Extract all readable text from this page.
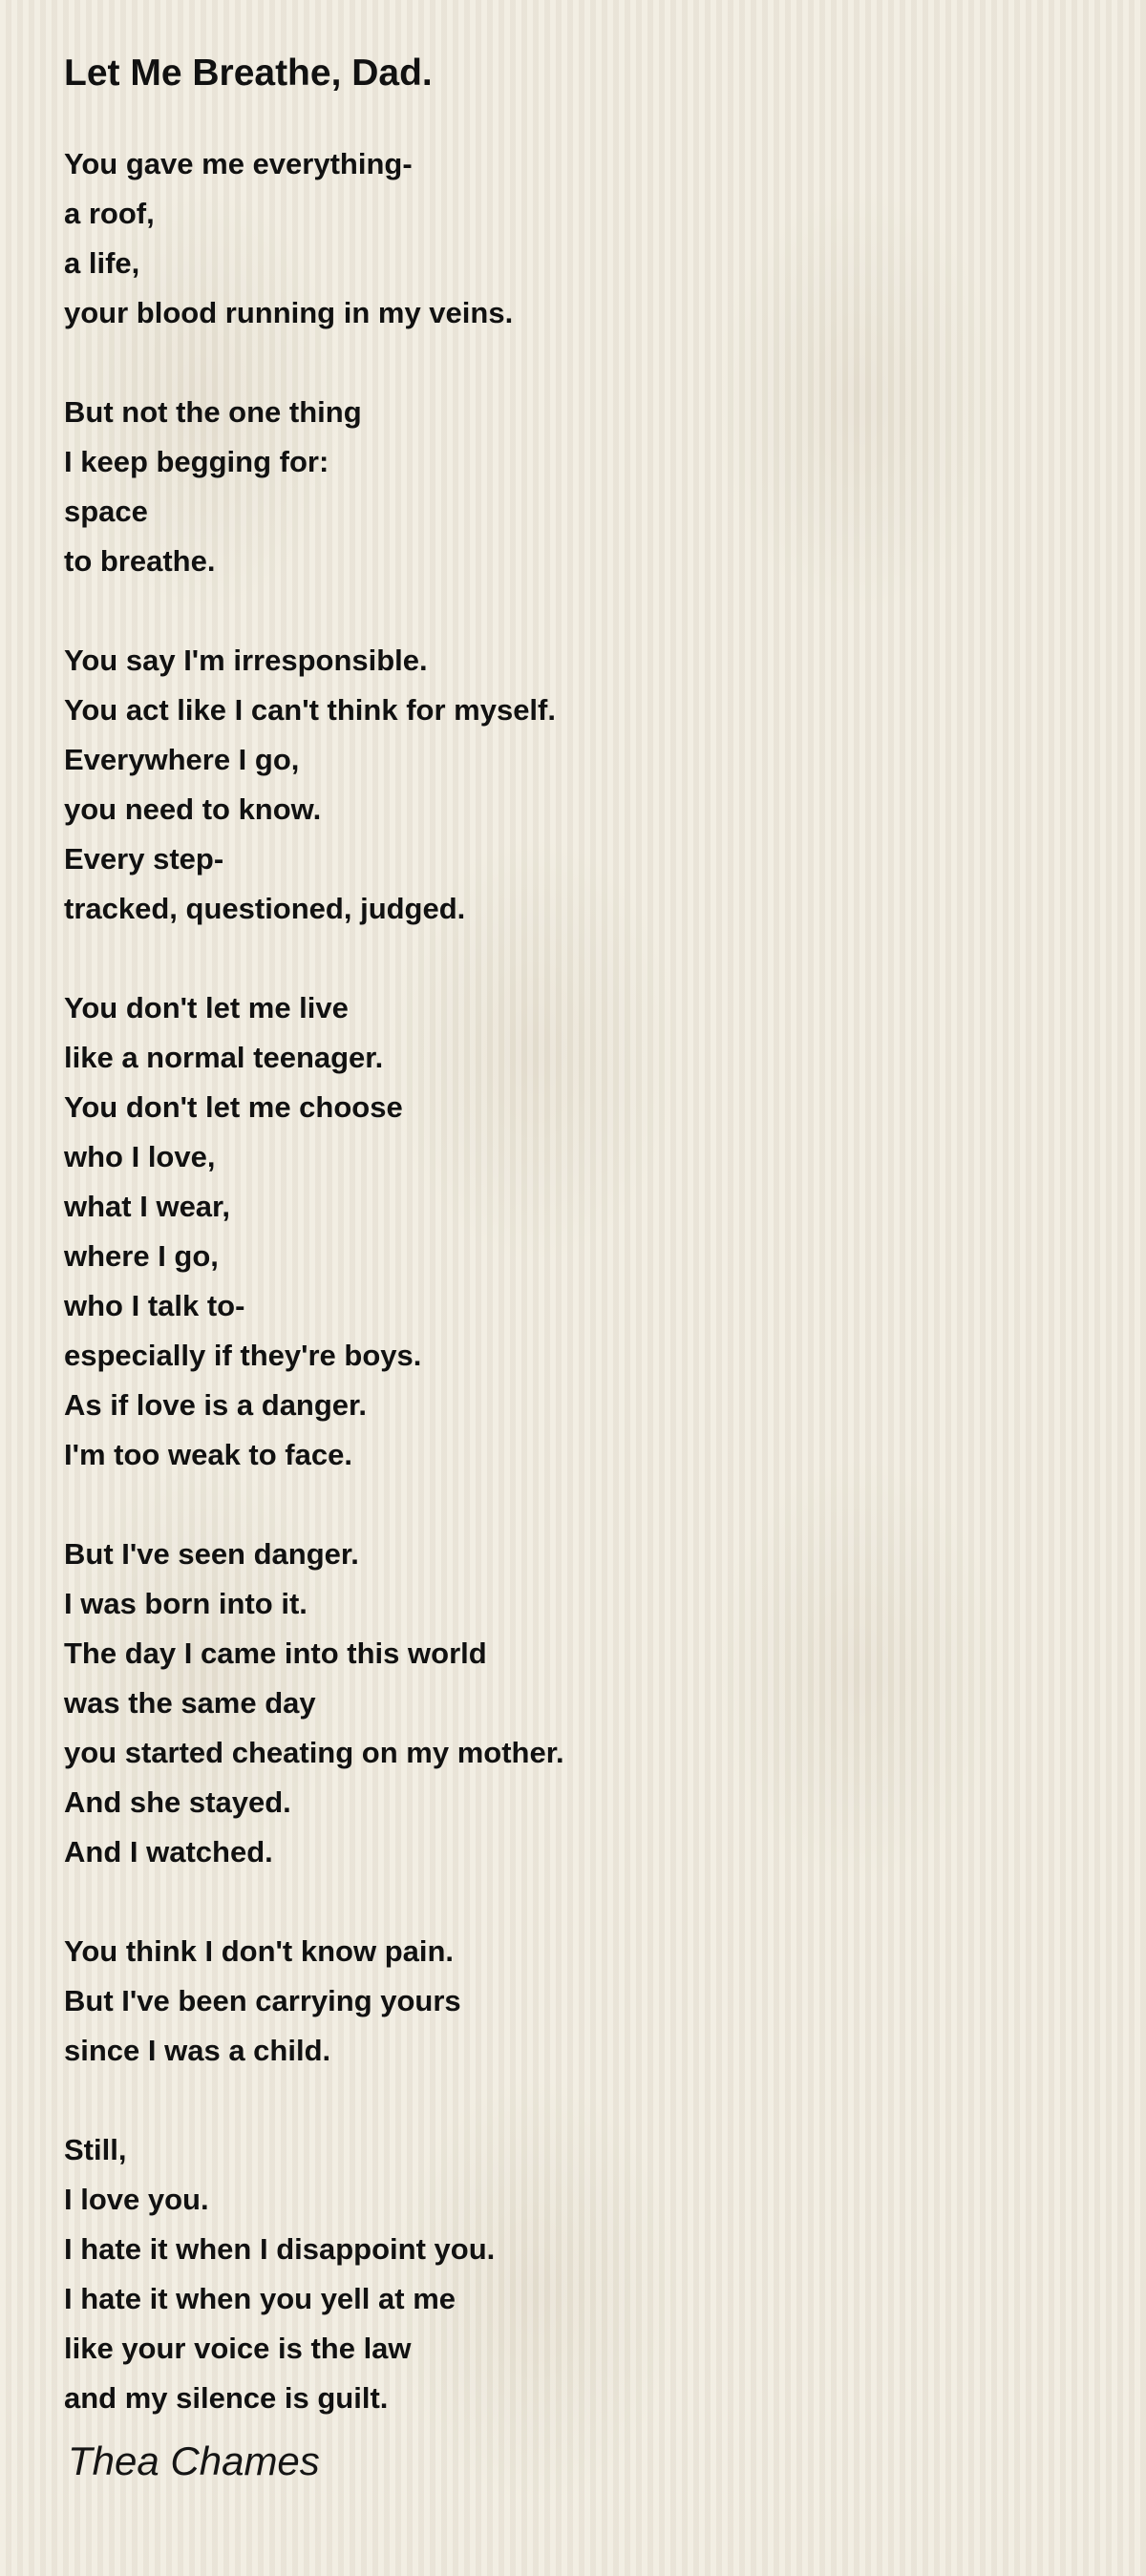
Let Me Breathe, Dad.
You gave me everything-
a roof,
a life,
your blood running in my veins.
But not the one thing
I keep begging for:
space
to breathe.
You say I'm irresponsible.
You act like I can't think for myself.
Everywhere I go,
you need to know.
Every step-
tracked, questioned, judged.
You don't let me live
like a normal teenager.
You don't let me choose
who I love,
what I wear,
where I go,
who I talk to-
especially if they're boys.
As if love is a danger.
I'm too weak to face.
But I've seen danger.
I was born into it.
The day I came into this world
was the same day
you started cheating on my mother.
And she stayed.
And I watched.
You think I don't know pain.
But I've been carrying yours
since I was a child.
Still,
I love you.
I hate it when I disappoint you.
I hate it when you yell at me
like your voice is the law
and my silence is guilt.

Thea Chames
